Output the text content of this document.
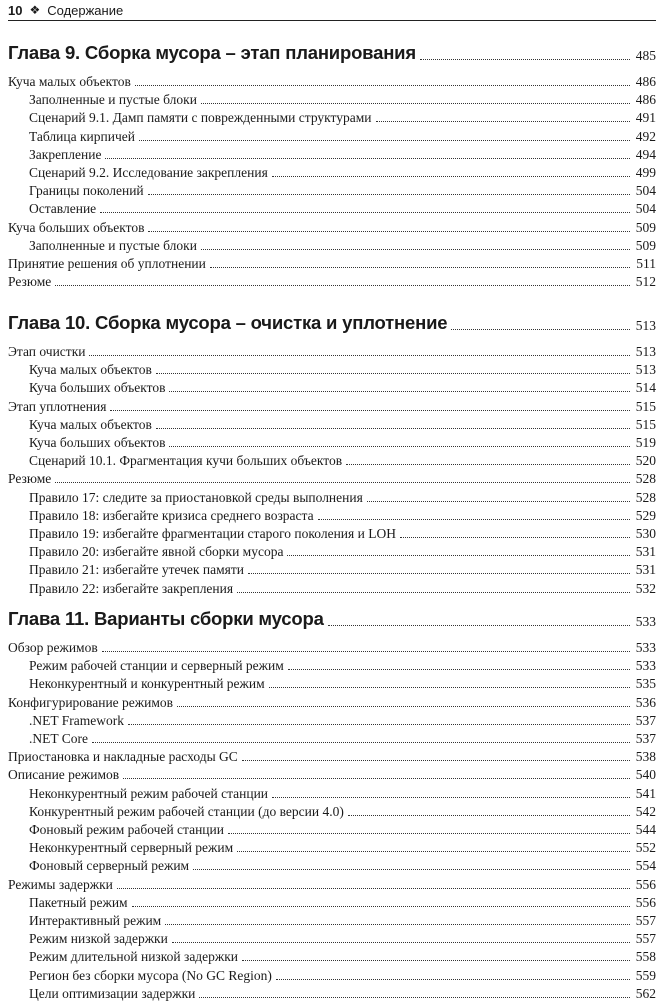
10 ❖ Содержание
Глава 9. Сборка мусора – этап планирования	485
Куча малых объектов	486
Заполненные и пустые блоки	486
Сценарий 9.1. Дамп памяти с поврежденными структурами	491
Таблица кирпичей	492
Закрепление	494
Сценарий 9.2. Исследование закрепления	499
Границы поколений	504
Оставление	504
Куча больших объектов	509
Заполненные и пустые блоки	509
Принятие решения об уплотнении	511
Резюме	512
Глава 10. Сборка мусора – очистка и уплотнение	513
Этап очистки	513
Куча малых объектов	513
Куча больших объектов	514
Этап уплотнения	515
Куча малых объектов	515
Куча больших объектов	519
Сценарий 10.1. Фрагментация кучи больших объектов	520
Резюме	528
Правило 17: следите за приостановкой среды выполнения	528
Правило 18: избегайте кризиса среднего возраста	529
Правило 19: избегайте фрагментации старого поколения и LOH	530
Правило 20: избегайте явной сборки мусора	531
Правило 21: избегайте утечек памяти	531
Правило 22: избегайте закрепления	532
Глава 11. Варианты сборки мусора	533
Обзор режимов	533
Режим рабочей станции и серверный режим	533
Неконкурентный и конкурентный режим	535
Конфигурирование режимов	536
.NET Framework	537
.NET Core	537
Приостановка и накладные расходы GC	538
Описание режимов	540
Неконкурентный режим рабочей станции	541
Конкурентный режим рабочей станции (до версии 4.0)	542
Фоновый режим рабочей станции	544
Неконкурентный серверный режим	552
Фоновый серверный режим	554
Режимы задержки	556
Пакетный режим	556
Интерактивный режим	557
Режим низкой задержки	557
Режим длительной низкой задержки	558
Регион без сборки мусора (No GC Region)	559
Цели оптимизации задержки	562
